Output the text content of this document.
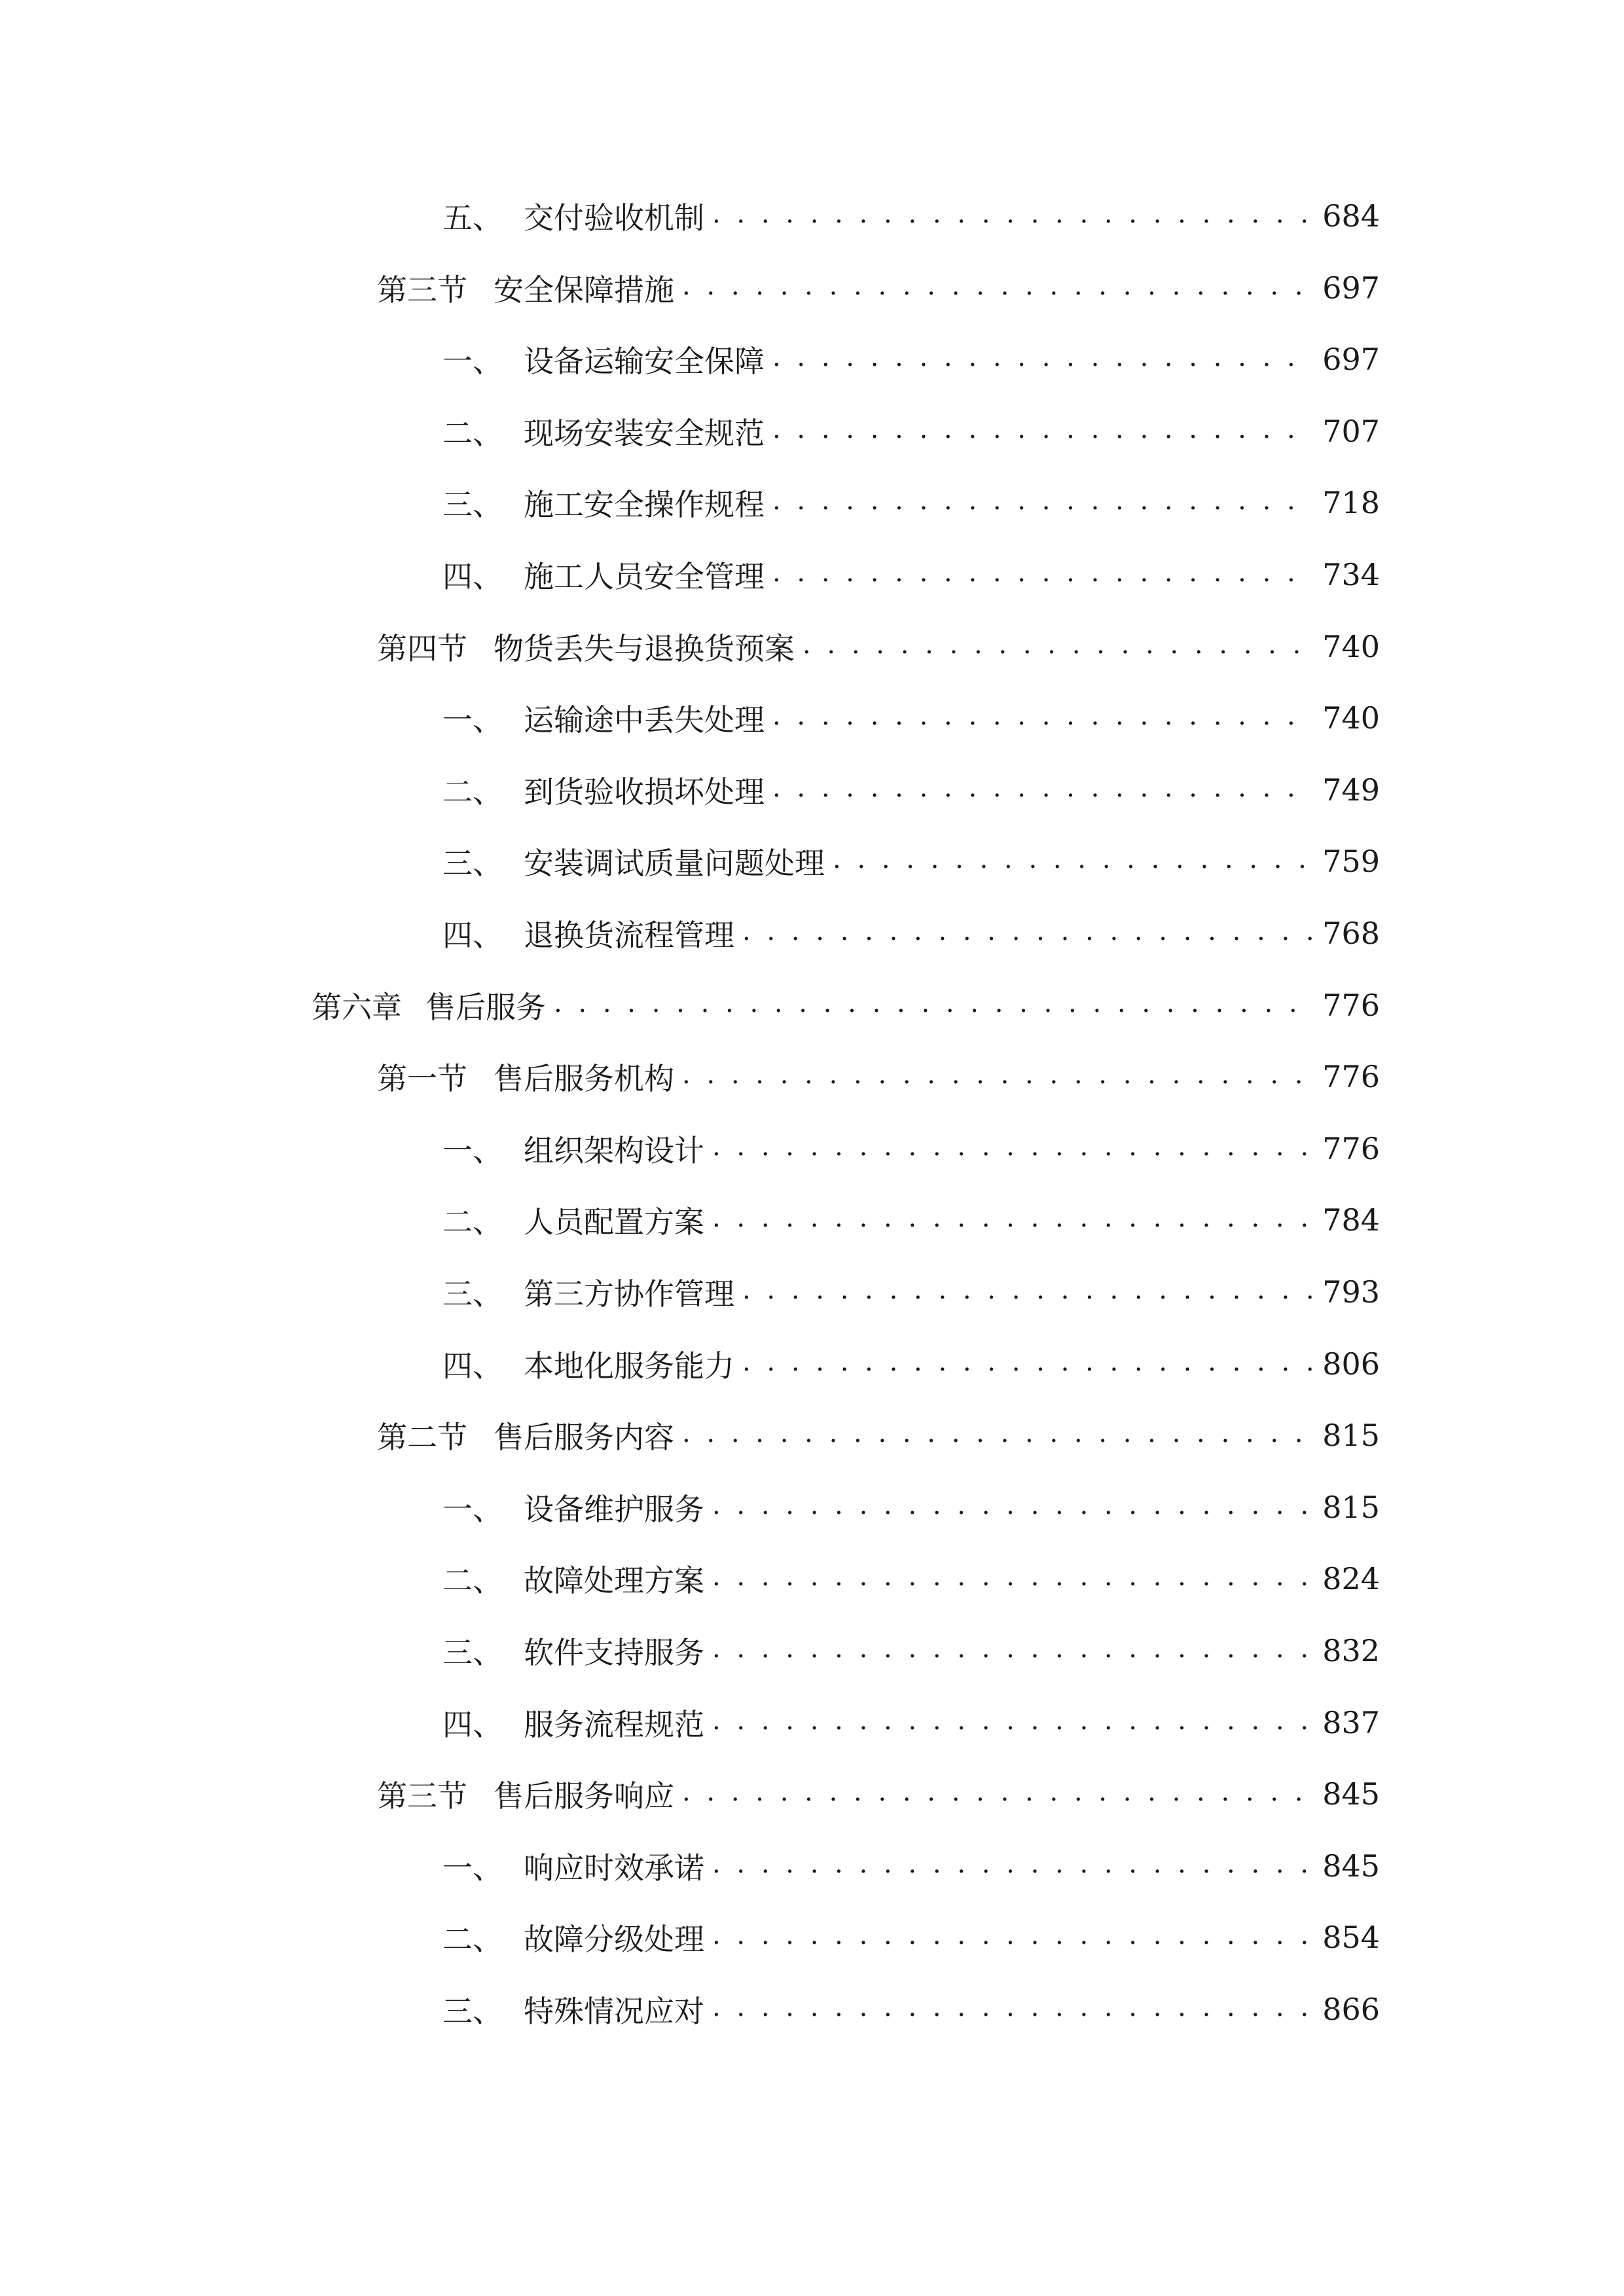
五、 交付验收机制 . . .	684
第三节 安全保障措施 . . .	697
一、 设备运输安全保障 . . .	697
二、 现场安装安全规范 . . .	707
三、 施工安全操作规程 . . .	718
四、 施工人员安全管理 . . .	734
第四节 物货丢失与退换货预案 . . .	740
一、 运输途中丢失处理 . . .	740
二、 到货验收损坏处理 . . .	749
三、 安装调试质量问题处理 . . .	759
四、 退换货流程管理 . . .	768
第六章 售后服务 . . .	776
第一节 售后服务机构 . . .	776
一、 组织架构设计 . . .	776
二、 人员配置方案 . . .	784
三、 第三方协作管理 . . .	793
四、 本地化服务能力 . . .	806
第二节 售后服务内容 . . .	815
一、 设备维护服务 . . .	815
二、 故障处理方案 . . .	824
三、 软件支持服务 . . .	832
四、 服务流程规范 . . .	837
第三节 售后服务响应 . . .	845
一、 响应时效承诺 . . .	845
二、 故障分级处理 . . .	854
三、 特殊情况应对 . . .	866
